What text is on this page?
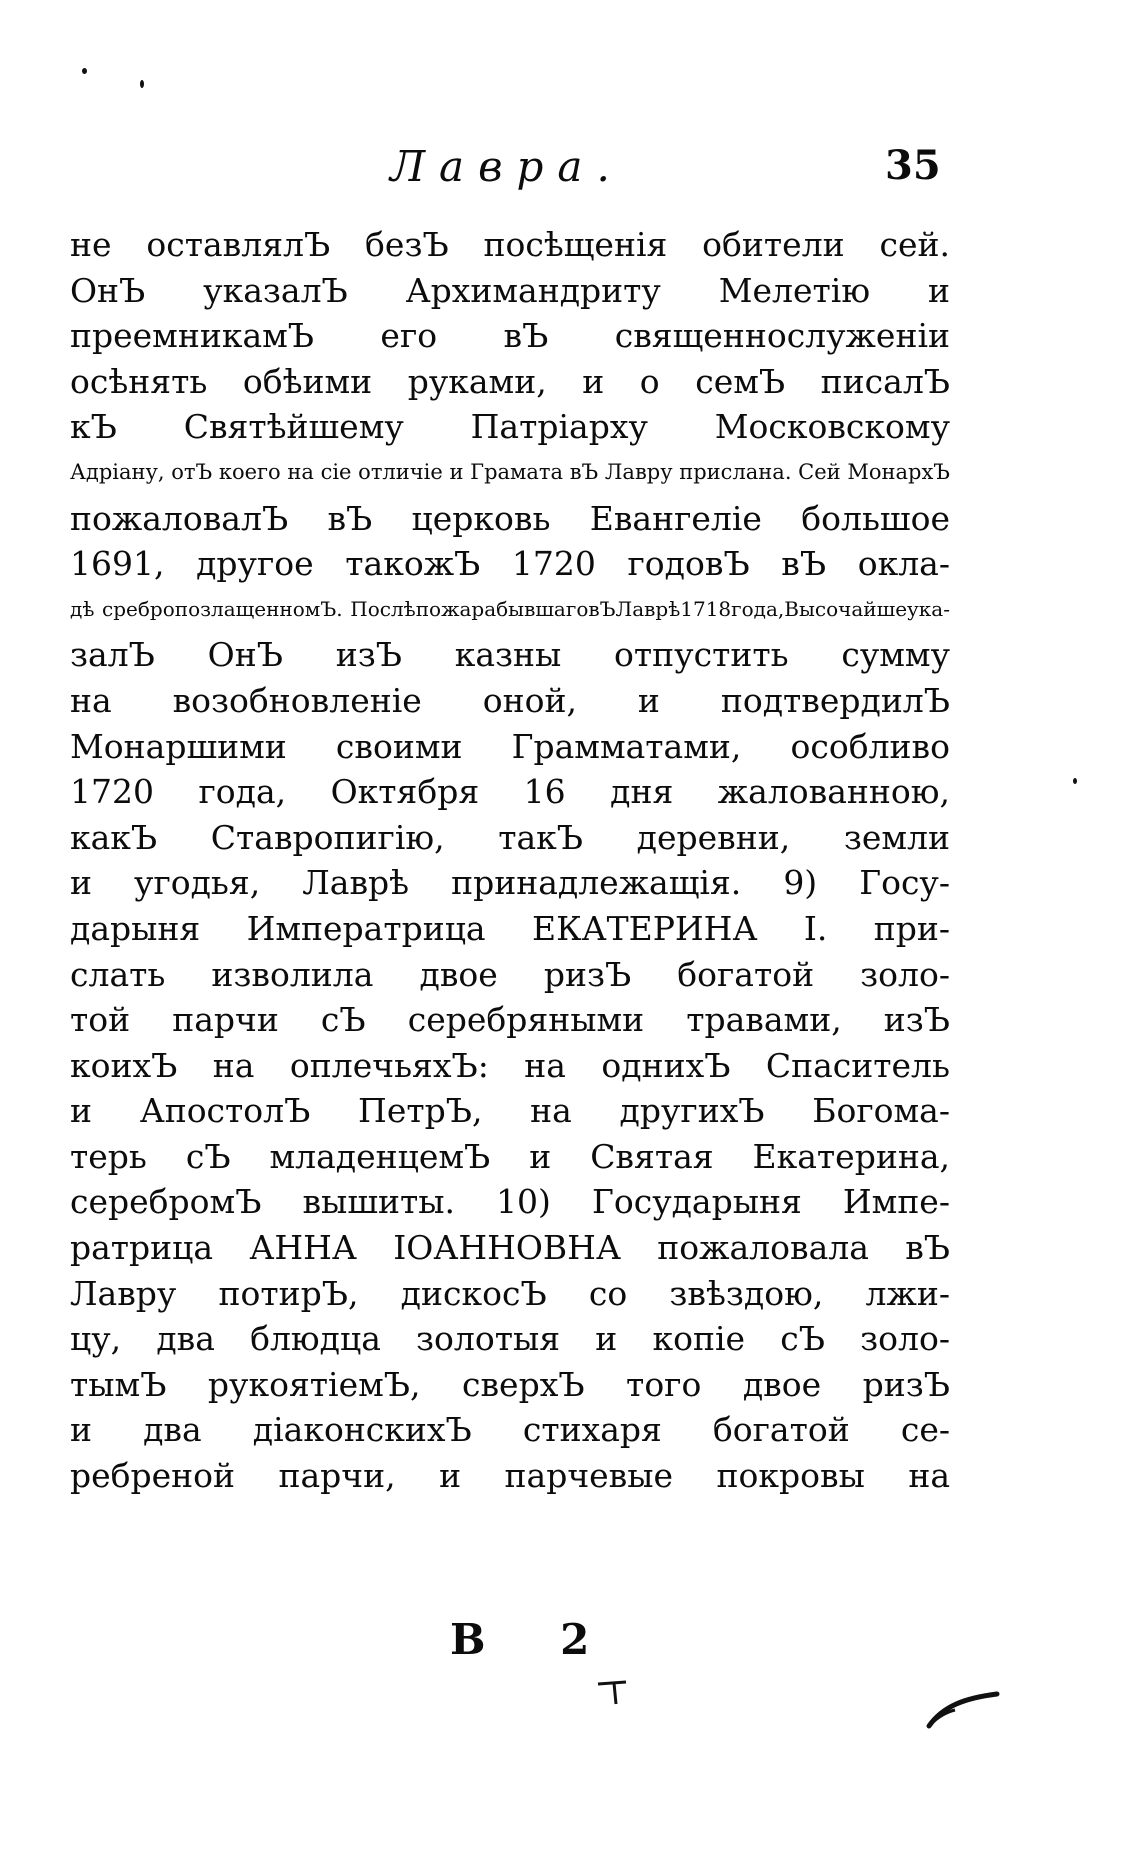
Лавра.	35
не оставлялЪ безЪ посѣщенія обители сей.
ОнЪ указалЪ Архимандриту Мелетію и
преемникамЪ его вЪ священнослуженіи
осѣнять обѣими руками, и о семЪ писалЪ
кЪ Святѣйшему Патріарху Московскому
Адріану, отЪ коего на сіе отличіе и Грамата вЪ Лавру прислана. Сей МонархЪ
пожаловалЪ вЪ церковь Евангеліе большое
1691, другое такожЪ 1720 годовЪ вЪ окла-
дѣ сребропозлащенномЪ. ПослѣпожарабывшаговЪЛаврѣ1718года,Высочайшеука-
залЪ ОнЪ изЪ казны отпустить сумму
на возобновленіе оной, и подтвердилЪ
Монаршими своими Граммaтами, особливо
1720 года, Октября 16 дня жалованною,
какЪ Ставропигію, такЪ деревни, земли
и угодья, Лаврѣ принадлежащія. 9) Госу-
дарыня Императрица ЕКАТЕРИНА I. при-
слать изволила двое ризЪ богатой золо-
той парчи сЪ серебряными травами, изЪ
коихЪ на оплечьяхЪ: на однихЪ Спаситель
и АпостолЪ ПетрЪ, на другихЪ Богома-
терь сЪ младенцемЪ и Святая Екатерина,
серебромЪ вышиты. 10) Государыня Импе-
ратрица АННА ІОАННОВНА пожаловала вЪ
Лавру потирЪ, дискосЪ со звѣздою, лжи-
цу, два блюдца золотыя и копіе сЪ золо-
тымЪ рукоятіемЪ, сверхЪ того двое ризЪ
и два діаконскихЪ стихаря богатой се-
ребреной парчи, и парчевые покровы на
В 2
